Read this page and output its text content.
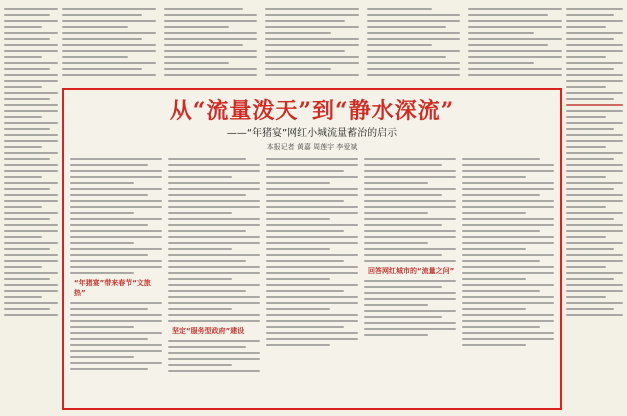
从“流量泼天”到“静水深流”
——“年猪宴”网红小城流量蓄治的启示
本报记者 黄嘉 周莲宇 李爱斌
“年猪宴”带来春节“文旅热”
坚定“服务型政府”建设
回答网红城市的“流量之问”
